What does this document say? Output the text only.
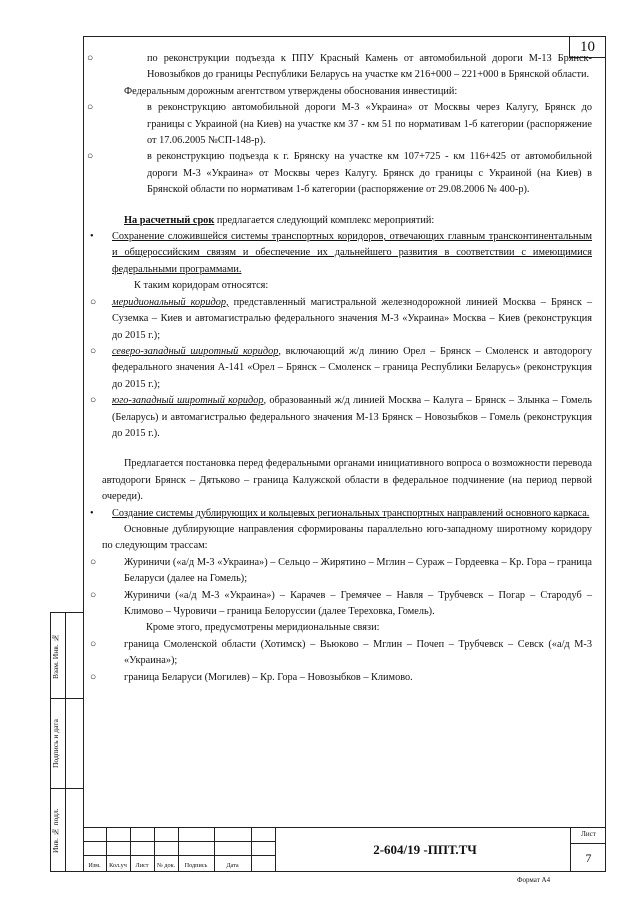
10
○	по реконструкции подъезда к ППУ Красный Камень от автомобильной дороги М-13 Брянск-Новозыбков до границы Республики Беларусь на участке км 216+000 – 221+000 в Брянской области.

Федеральным дорожным агентством утверждены обоснования инвестиций:

○	в реконструкцию автомобильной дороги М-3 «Украина» от Москвы через Калугу, Брянск до границы с Украиной (на Киев) на участке км 37 - км 51 по нормативам 1-б категории (распоряжение от 17.06.2005 №СП-148-р).
○	в реконструкцию подъезда к г. Брянску на участке км 107+725 - км 116+425 от автомобильной дороги М-3 «Украина» от Москвы через Калугу. Брянск до границы с Украиной (на Киев) в Брянской области по нормативам 1-б категории (распоряжение от 29.08.2006 № 400-р).

На расчетный срок предлагается следующий комплекс мероприятий:

• Сохранение сложившейся системы транспортных коридоров, отвечающих главным трансконтинентальным и общероссийским связям и обеспечение их дальнейшего развития в соответствии с имеющимися федеральными программами.

К таким коридорам относятся:

○ меридиональный коридор, представленный магистральной железнодорожной линией Москва – Брянск – Суземка – Киев и автомагистралью федерального значения М-3 «Украина» Москва – Киев (реконструкция до 2015 г.);
○ северо-западный широтный коридор, включающий ж/д линию Орел – Брянск – Смоленск и автодорогу федерального значения А-141 «Орел – Брянск – Смоленск – граница Республики Беларусь» (реконструкция до 2015 г.);
○ юго-западный широтный коридор, образованный ж/д линией Москва – Калуга – Брянск – Злынка – Гомель (Беларусь) и автомагистралью федерального значения М-13 Брянск – Новозыбков – Гомель (реконструкция до 2015 г.).

Предлагается постановка перед федеральными органами инициативного вопроса о возможности перевода автодороги Брянск – Дятьково – граница Калужской области в федеральное подчинение (на период первой очереди).

• Создание системы дублирующих и кольцевых региональных транспортных направлений основного каркаса.

Основные дублирующие направления сформированы параллельно юго-западному широтному коридору по следующим трассам:

○	Журиничи («а/д М-3 «Украина») – Сельцо – Жирятино – Мглин – Сураж – Гордеевка – Кр. Гора – граница Беларуси (далее на Гомель);
○	Журиничи («а/д М-3 «Украина») – Карачев – Гремячее – Навля – Трубчевск – Погар – Стародуб – Климово – Чуровичи – граница Белоруссии (далее Тереховка, Гомель).

Кроме этого, предусмотрены меридиональные связи:

○	граница Смоленской области (Хотимск) – Вьюково – Мглин – Почеп – Трубчевск – Севск («а/д М-3 «Украина»);
○	граница Беларуси (Могилев) – Кр. Гора – Новозыбков – Климово.
Взам. Инв. №
Подпись и дата
Инв. № подл.
Изм.	Кол.уч	Лист	№ док.	Подпись	Дата
2-604/19 -ППТ.ТЧ
Лист
7
Формат А4
